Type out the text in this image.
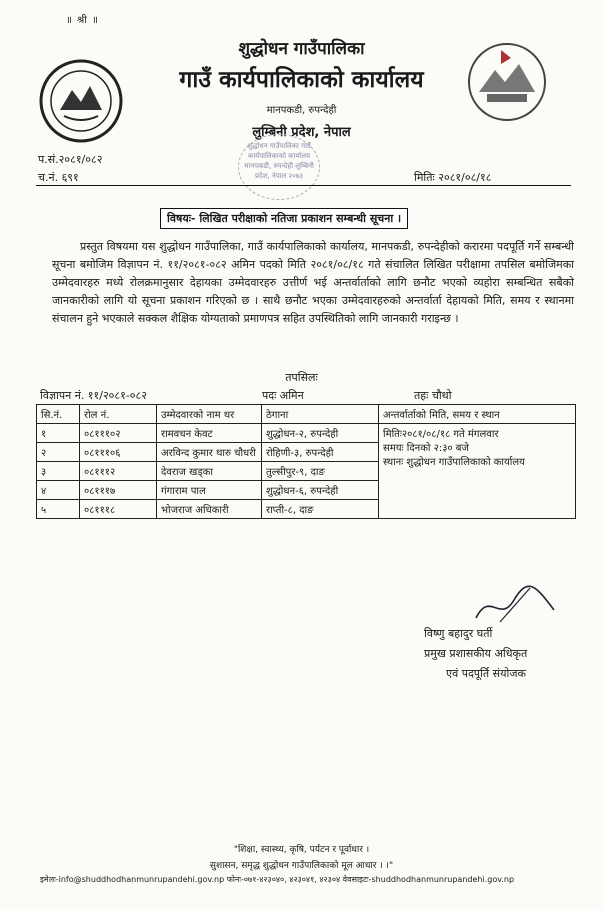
॥ श्री ॥
शुद्धोधन गाउँपालिका
गाउँ कार्यपालिकाको कार्यालय
मानपकडी, रुपन्देही
लुम्बिनी प्रदेश, नेपाल
शुद्धोधन गाउँपालिका गाउँ कार्यपालिकाको कार्यालय मानपकडी, रुपन्देही लुम्बिनी प्रदेश, नेपाल २०७३
प.सं.२०८१/०८२
च.नं. ६९१	मितिः २०८१/०८/१८
विषयः- लिखित परीक्षाको नतिजा प्रकाशन सम्बन्धी सूचना ।
प्रस्तुत विषयमा यस शुद्धोधन गाउँपालिका, गाउँ कार्यपालिकाको कार्यालय, मानपकडी, रुपन्देहीको करारमा पदपूर्ति गर्ने सम्बन्धी सूचना बमोजिम विज्ञापन नं. ११/२०८१-०८२ अमिन पदको मिति २०८१/०८/१८ गते संचालित लिखित परीक्षामा तपसिल बमोजिमका उम्मेदवारहरु मध्ये रोलक्रमानुसार देहायका उम्मेदवारहरु उत्तीर्ण भई अन्तर्वार्ताको लागि छनौट भएको व्यहोरा सम्बन्धित सबैको जानकारीको लागि यो सूचना प्रकाशन गरिएको छ । साथै छनौट भएका उम्मेदवारहरुको अन्तर्वार्ता देहायको मिति, समय र स्थानमा संचालन हुने भएकाले सक्कल शैक्षिक योग्यताको प्रमाणपत्र सहित उपस्थितिको लागि जानकारी गराइन्छ ।
तपसिलः
विज्ञापन नं. ११/२०८१-०८२	पदः अमिन	तहः चौथो
सि.नं.	रोल नं.	उम्मेदवारको नाम थर	ठेगाना	अन्तर्वार्ताको मिति, समय र स्थान
१	०८१११०२	रामवचन केवट	शुद्धोधन-२, रुपन्देही	मितिः२०८१/०८/१८ गते मंगलवार
समयः दिनको २:३० बजे
स्थानः शुद्धोधन गाउँपालिकाको कार्यालय

२	०८१११०६	अरविन्द कुमार थारु चौधरी	रोहिणी-३, रुपन्देही	
३	०८१११२	देवराज खड्का	तुल्सीपुर-९, दाङ	
४	०८१११७	गंगाराम पाल	शुद्धोधन-६, रुपन्देही	
५	०८१११८	भोजराज अधिकारी	राप्ती-८, दाङ	
विष्णु बहादुर घर्ती
प्रमुख प्रशासकीय अधिकृत
एवं पदपूर्ति संयोजक
"शिक्षा, स्वास्थ्य, कृषि, पर्यटन र पूर्वाधार ।
सुशासन, समृद्ध शुद्धोधन गाउँपालिकाको मूल आधार । ।"
इमेलः-info@shuddhodhanmunrupandehi.gov.np फोनः-०७१-४२३०४०, ४२३०४१, ४२३०४ वेवसाइटः-shuddhodhanmunrupandehi.gov.np
